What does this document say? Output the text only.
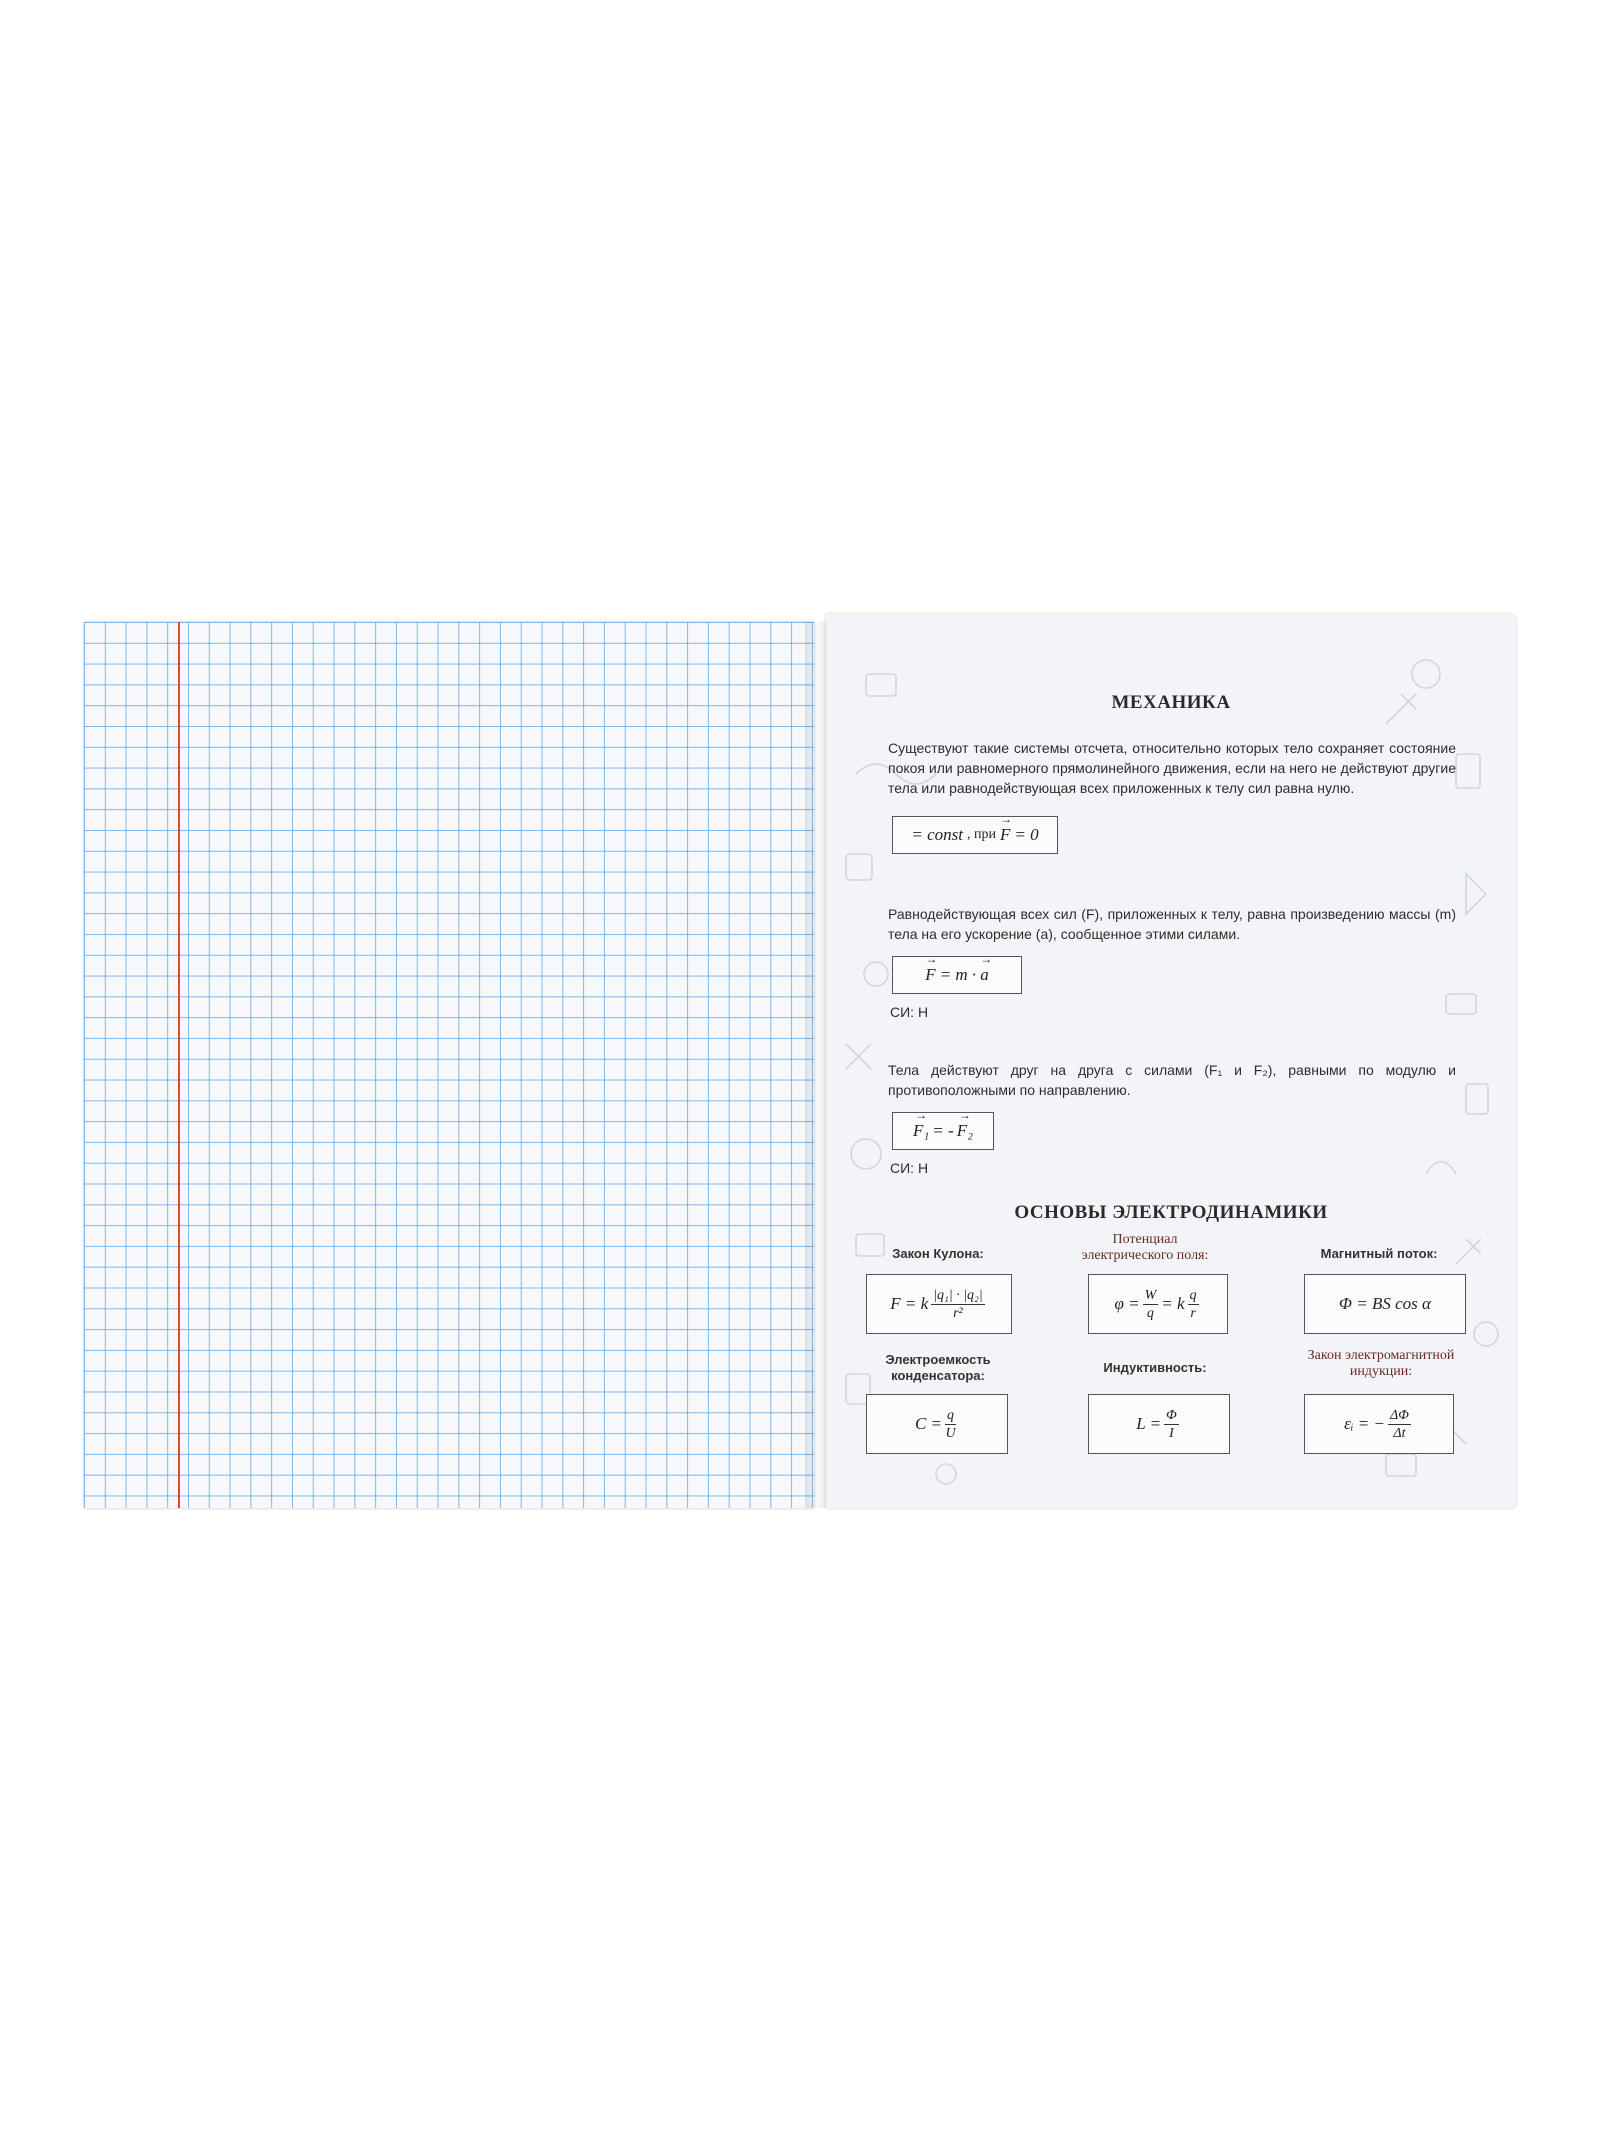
МЕХАНИКА
Существуют такие системы отсчета, относительно которых тело сохраняет состояние покоя или равномерного прямолинейного движения, если на него не действуют другие тела или равнодействующая всех приложенных к телу сил равна нулю.
= const , при → F = 0
Равнодействующая всех сил (F), приложенных к телу, равна произведению массы (m) тела на его ускорение (a), сообщенное этими силами.
→ F = m · → a
СИ: Н
Тела действуют друг на друга с силами (F₁ и F₂), равными по модулю и противоположными по направлению.
→ F₁ = - → F₂
СИ: Н
ОСНОВЫ ЭЛЕКТРОДИНАМИКИ
Закон Кулона:
F = k $\frac{\text{|q₁| · |q₂|}}{\text{r²}}$
Потенциал электрического поля:
$\varphi = \frac{W}{q} = k \frac{q}{r}$
Магнитный поток:
Φ = BS cos α
Электроемкость конденсатора:
$C = \frac{q}{U}$
Индуктивность:
$L = \frac{\Phi}{I}$
Закон электромагнитной индукции:
εᵢ = − $\frac{\Delta\Phi}{\Delta t}$
